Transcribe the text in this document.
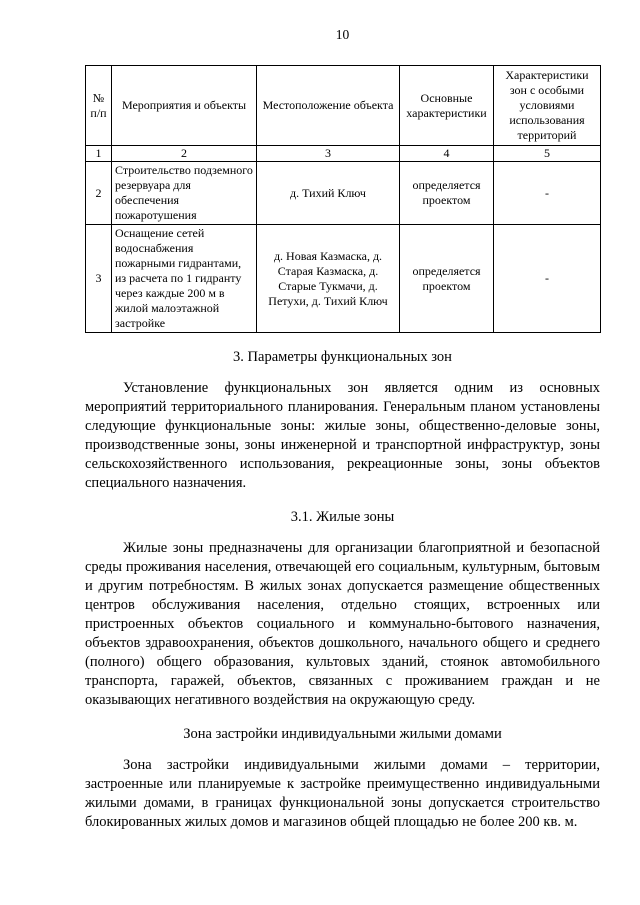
10
№ п/п	Мероприятия и объекты	Местоположение объекта	Основные характеристики	Характеристики зон с особыми условиями использования территорий
1	2	3	4	5
2	Строительство подземного резервуара для обеспечения пожаротушения	д. Тихий Ключ	определяется проектом	-
3	Оснащение сетей водоснабжения пожарными гидрантами, из расчета по 1 гидранту через каждые 200 м в жилой малоэтажной застройке	д. Новая Казмаска, д. Старая Казмаска, д. Старые Тукмачи, д. Петухи, д. Тихий Ключ	определяется проектом	-
3. Параметры функциональных зон

Установление функциональных зон является одним из основных мероприятий территориального планирования. Генеральным планом установлены следующие функциональные зоны: жилые зоны, общественно-деловые зоны, производственные зоны, зоны инженерной и транспортной инфраструктур, зоны сельскохозяйственного использования, рекреационные зоны, зоны объектов специального назначения.

3.1. Жилые зоны

Жилые зоны предназначены для организации благоприятной и безопасной среды проживания населения, отвечающей его социальным, культурным, бытовым и другим потребностям. В жилых зонах допускается размещение общественных центров обслуживания населения, отдельно стоящих, встроенных или пристроенных объектов социального и коммунально-бытового назначения, объектов здравоохранения, объектов дошкольного, начального общего и среднего (полного) общего образования, культовых зданий, стоянок автомобильного транспорта, гаражей, объектов, связанных с проживанием граждан и не оказывающих негативного воздействия на окружающую среду.

Зона застройки индивидуальными жилыми домами

Зона застройки индивидуальными жилыми домами – территории, застроенные или планируемые к застройке преимущественно индивидуальными жилыми домами, в границах функциональной зоны допускается строительство блокированных жилых домов и магазинов общей площадью не более 200 кв. м.
